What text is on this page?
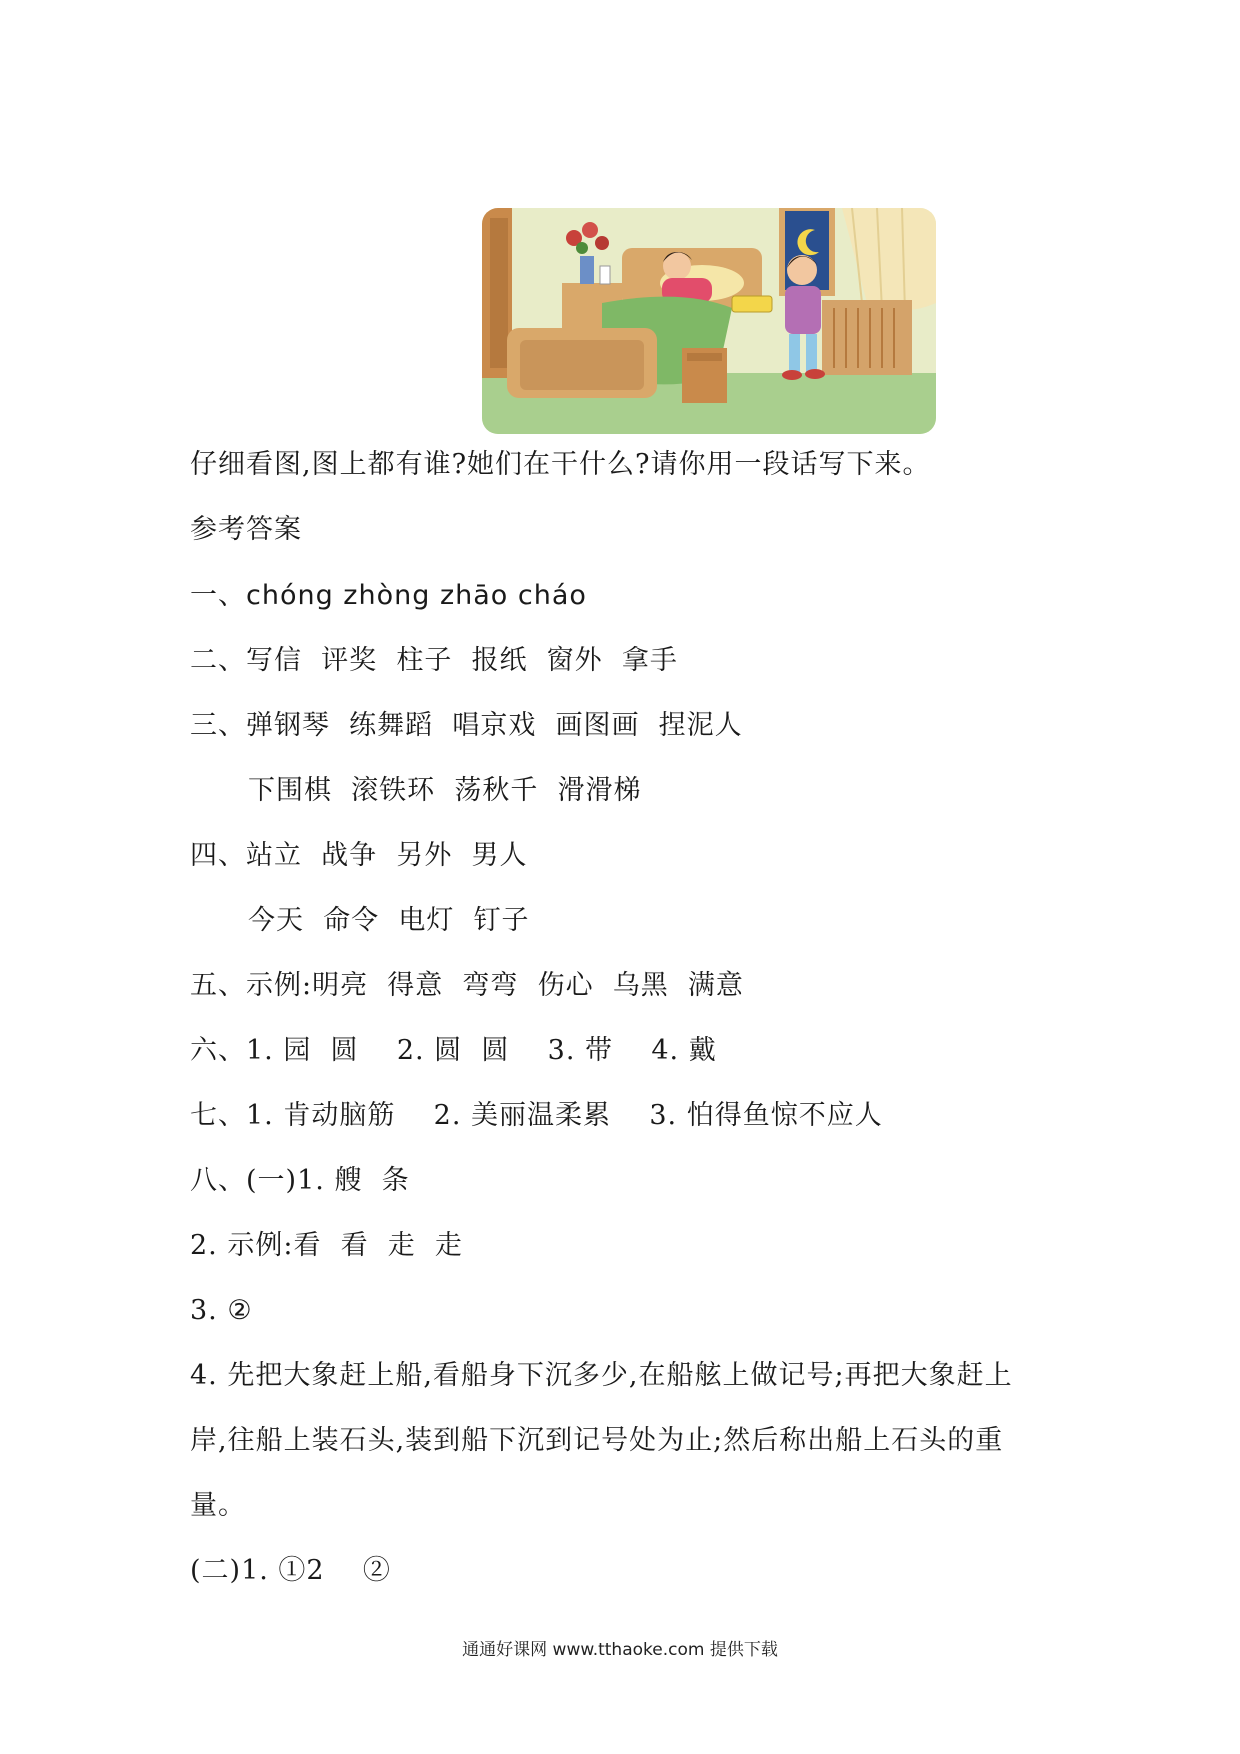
仔细看图,图上都有谁?她们在干什么?请你用一段话写下来。
参考答案
一、chóng zhòng zhāo cháo
二、写信  评奖  柱子  报纸  窗外  拿手
三、弹钢琴  练舞蹈  唱京戏  画图画  捏泥人
下围棋  滚铁环  荡秋千  滑滑梯
四、站立  战争  另外  男人
今天  命令  电灯  钉子
五、示例:明亮  得意  弯弯  伤心  乌黑  满意
六、1. 园  圆    2. 圆  圆    3. 带    4. 戴
七、1. 肯动脑筋    2. 美丽温柔累    3. 怕得鱼惊不应人
八、(一)1. 艘  条
2. 示例:看  看  走  走
3. ②
4. 先把大象赶上船,看船身下沉多少,在船舷上做记号;再把大象赶上
岸,往船上装石头,装到船下沉到记号处为止;然后称出船上石头的重
量。
(二)1. ①2    ②
通通好课网 www.tthaoke.com 提供下载
